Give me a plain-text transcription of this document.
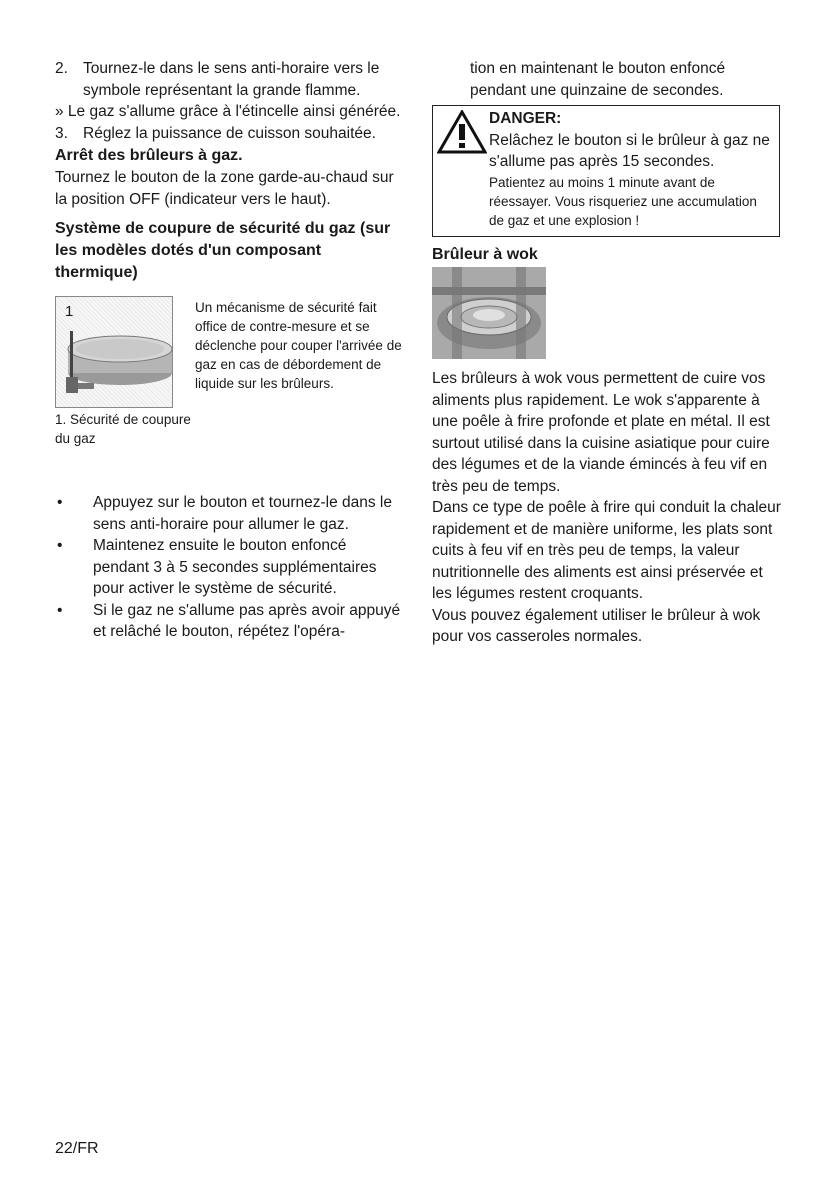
2. Tournez-le dans le sens anti-horaire vers le symbole représentant la grande flamme.

» Le gaz s'allume grâce à l'étincelle ainsi générée.

3. Réglez la puissance de cuisson souhaitée.

Arrêt des brûleurs à gaz.

Tournez le bouton de la zone garde-au-chaud sur la position OFF (indicateur vers le haut).

Système de coupure de sécurité du gaz (sur les modèles dotés d'un composant thermique)

1
1. Sécurité de coupure du gaz
Un mécanisme de sécurité fait office de contre-mesure et se déclenche pour couper l'arrivée de gaz en cas de débordement de liquide sur les brûleurs.
•	Appuyez sur le bouton et tournez-le dans le sens anti-horaire pour allumer le gaz.
•	Maintenez ensuite le bouton enfoncé pendant 3 à 5 secondes supplémentaires pour activer le système de sécurité.
•	Si le gaz ne s'allume pas après avoir appuyé et relâché le bouton, répétez l'opéra-

tion en maintenant le bouton enfoncé pendant une quinzaine de secondes.

DANGER:
Relâchez le bouton si le brûleur à gaz ne s'allume pas après 15 secondes.
Patientez au moins 1 minute avant de réessayer. Vous risqueriez une accumulation de gaz et une explosion !

Brûleur à wok

Les brûleurs à wok vous permettent de cuire vos aliments plus rapidement. Le wok s'apparente à une poêle à frire profonde et plate en métal. Il est surtout utilisé dans la cuisine asiatique pour cuire des légumes et de la viande émincés à feu vif en très peu de temps.

Dans ce type de poêle à frire qui conduit la chaleur rapidement et de manière uniforme, les plats sont cuits à feu vif en très peu de temps, la valeur nutritionnelle des aliments est ainsi préservée et les légumes restent croquants.

Vous pouvez également utiliser le brûleur à wok pour vos casseroles normales.

22/FR
